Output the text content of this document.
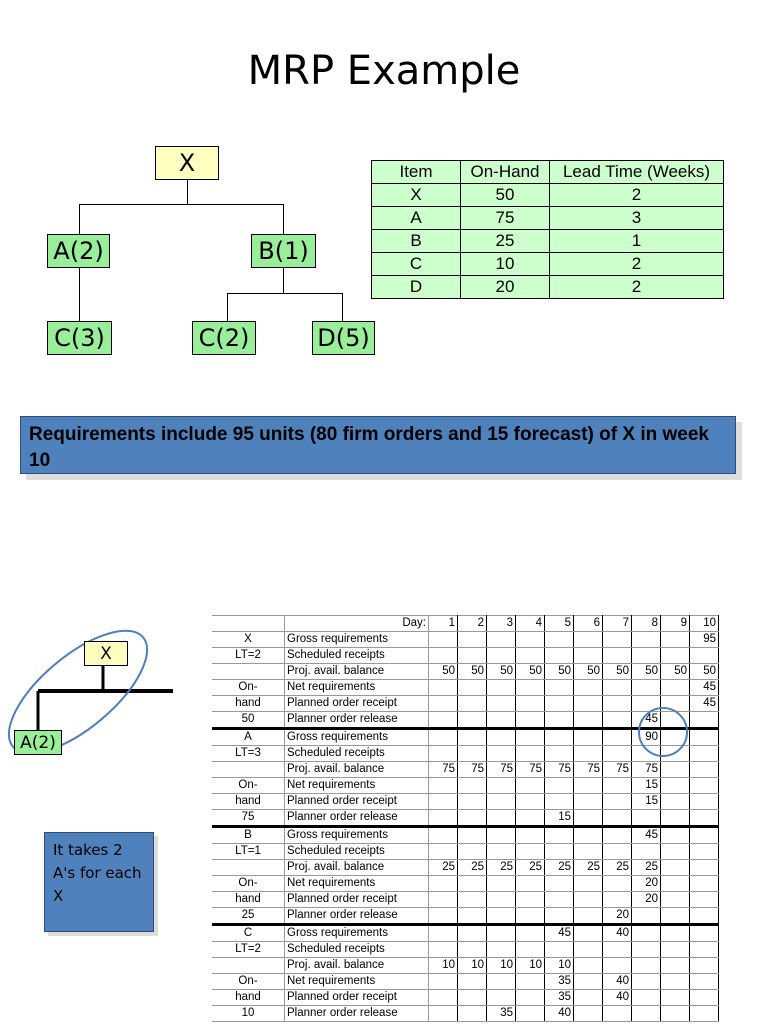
MRP Example
X
A(2)	B(1)
C(3)	C(2)	D(5)
Item	On-Hand	Lead Time (Weeks)
X	50	2
A	75	3
B	25	1
C	10	2
D	20	2
Requirements include 95 units (80 firm orders and 15 forecast) of X in week 10
X
A(2)
It takes 2 A's for each X
	Day:	1	2	3	4	5	6	7	8	9	10
X	Gross requirements										95
LT=2	Scheduled receipts										
	Proj. avail. balance	50	50	50	50	50	50	50	50	50	50
On-	Net requirements										45
hand	Planned order receipt										45
50	Planner order release								45		
A	Gross requirements								90		
LT=3	Scheduled receipts										
	Proj. avail. balance	75	75	75	75	75	75	75	75		
On-	Net requirements								15		
hand	Planned order receipt								15		
75	Planner order release					15					
B	Gross requirements								45		
LT=1	Scheduled receipts										
	Proj. avail. balance	25	25	25	25	25	25	25	25		
On-	Net requirements								20		
hand	Planned order receipt								20		
25	Planner order release							20			
C	Gross requirements					45		40			
LT=2	Scheduled receipts										
	Proj. avail. balance	10	10	10	10	10					
On-	Net requirements					35		40			
hand	Planned order receipt					35		40			
10	Planner order release			35		40					
